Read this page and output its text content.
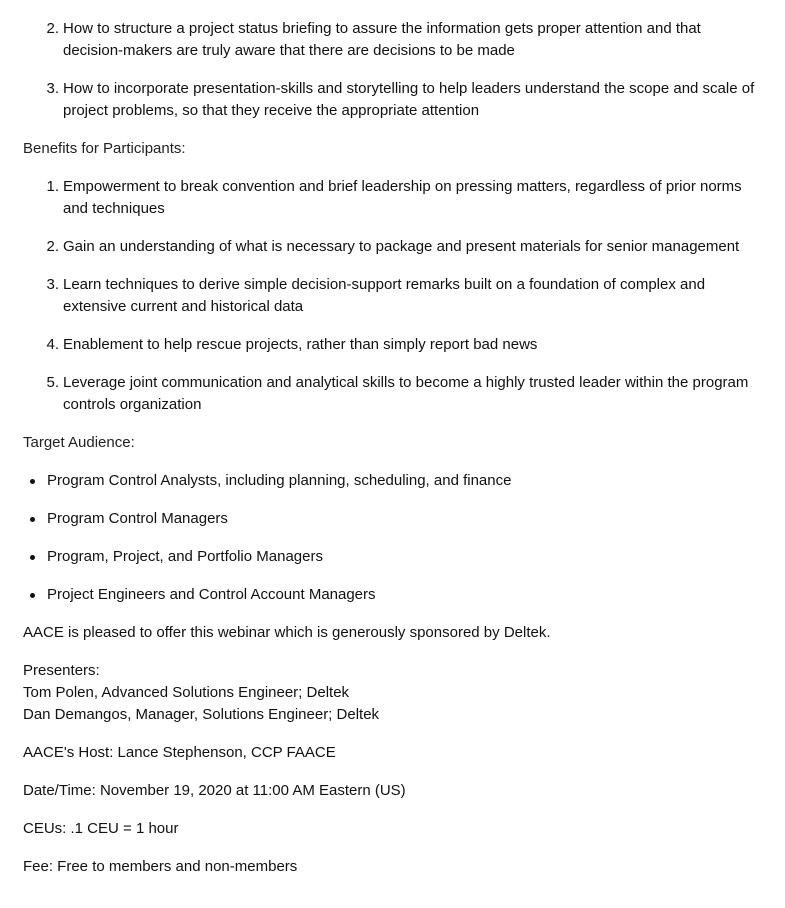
2. How to structure a project status briefing to assure the information gets proper attention and that decision-makers are truly aware that there are decisions to be made
3. How to incorporate presentation-skills and storytelling to help leaders understand the scope and scale of project problems, so that they receive the appropriate attention

Benefits for Participants:

1. Empowerment to break convention and brief leadership on pressing matters, regardless of prior norms and techniques
2. Gain an understanding of what is necessary to package and present materials for senior management
3. Learn techniques to derive simple decision-support remarks built on a foundation of complex and extensive current and historical data
4. Enablement to help rescue projects, rather than simply report bad news
5. Leverage joint communication and analytical skills to become a highly trusted leader within the program controls organization

Target Audience:

Program Control Analysts, including planning, scheduling, and finance
Program Control Managers
Program, Project, and Portfolio Managers
Project Engineers and Control Account Managers

AACE is pleased to offer this webinar which is generously sponsored by Deltek.

Presenters:
Tom Polen, Advanced Solutions Engineer; Deltek
Dan Demangos, Manager, Solutions Engineer; Deltek

AACE's Host: Lance Stephenson, CCP FAACE

Date/Time: November 19, 2020 at 11:00 AM Eastern (US)

CEUs: .1 CEU = 1 hour

Fee: Free to members and non-members
